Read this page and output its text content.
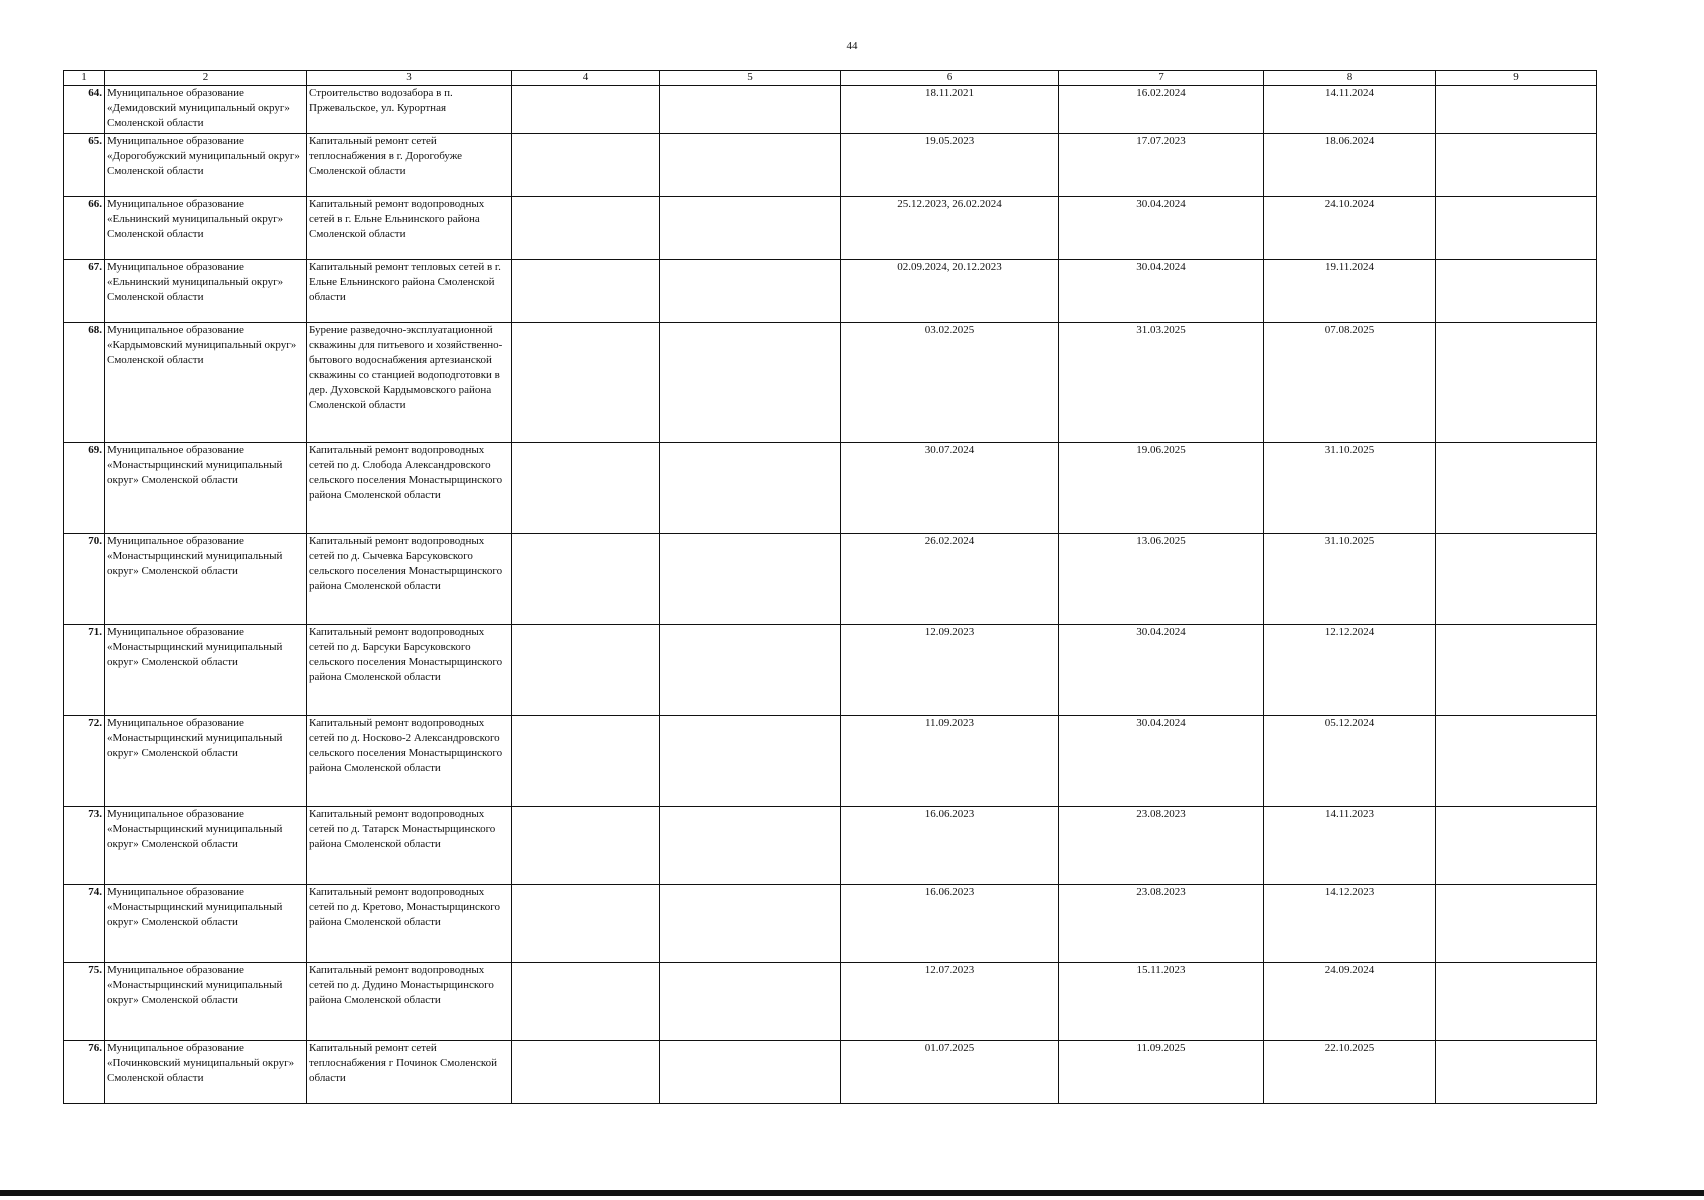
44
1	2	3	4	5	6	7	8	9
64.	Муниципальное образование «Демидовский муниципальный округ» Смоленской области	Строительство водозабора в п. Пржевальское, ул. Курортная			18.11.2021	16.02.2024	14.11.2024	
65.	Муниципальное образование «Дорогобужский муниципальный округ» Смоленской области	Капитальный ремонт сетей теплоснабжения в г. Дорогобуже Смоленской области			19.05.2023	17.07.2023	18.06.2024	
66.	Муниципальное образование «Ельнинский муниципальный округ» Смоленской области	Капитальный ремонт водопроводных сетей в г. Ельне Ельнинского района Смоленской области			25.12.2023, 26.02.2024	30.04.2024	24.10.2024	
67.	Муниципальное образование «Ельнинский муниципальный округ» Смоленской области	Капитальный ремонт тепловых сетей в г. Ельне Ельнинского района Смоленской области			02.09.2024, 20.12.2023	30.04.2024	19.11.2024	
68.	Муниципальное образование «Кардымовский муниципальный округ» Смоленской области	Бурение разведочно-эксплуатационной скважины для питьевого и хозяйственно-бытового водоснабжения артезианской скважины со станцией водоподготовки в дер. Духовской Кардымовского района Смоленской области			03.02.2025	31.03.2025	07.08.2025	
69.	Муниципальное образование «Монастырщинский муниципальный округ» Смоленской области	Капитальный ремонт водопроводных сетей по д. Слобода Александровского сельского поселения Монастырщинского района Смоленской области			30.07.2024	19.06.2025	31.10.2025	
70.	Муниципальное образование «Монастырщинский муниципальный округ» Смоленской области	Капитальный ремонт водопроводных сетей по д. Сычевка Барсуковского сельского поселения Монастырщинского района Смоленской области			26.02.2024	13.06.2025	31.10.2025	
71.	Муниципальное образование «Монастырщинский муниципальный округ» Смоленской области	Капитальный ремонт водопроводных сетей по д. Барсуки Барсуковского сельского поселения Монастырщинского района Смоленской области			12.09.2023	30.04.2024	12.12.2024	
72.	Муниципальное образование «Монастырщинский муниципальный округ» Смоленской области	Капитальный ремонт водопроводных сетей по д. Носково-2 Александровского сельского поселения Монастырщинского района Смоленской области			11.09.2023	30.04.2024	05.12.2024	
73.	Муниципальное образование «Монастырщинский муниципальный округ» Смоленской области	Капитальный ремонт водопроводных сетей по д. Татарск Монастырщинского района Смоленской области			16.06.2023	23.08.2023	14.11.2023	
74.	Муниципальное образование «Монастырщинский муниципальный округ» Смоленской области	Капитальный ремонт водопроводных сетей по д. Кретово, Монастырщинского района Смоленской области			16.06.2023	23.08.2023	14.12.2023	
75.	Муниципальное образование «Монастырщинский муниципальный округ» Смоленской области	Капитальный ремонт водопроводных сетей по д. Дудино Монастырщинского района Смоленской области			12.07.2023	15.11.2023	24.09.2024	
76.	Муниципальное образование «Починковский муниципальный округ» Смоленской области	Капитальный ремонт сетей теплоснабжения г Починок Смоленской области			01.07.2025	11.09.2025	22.10.2025	
